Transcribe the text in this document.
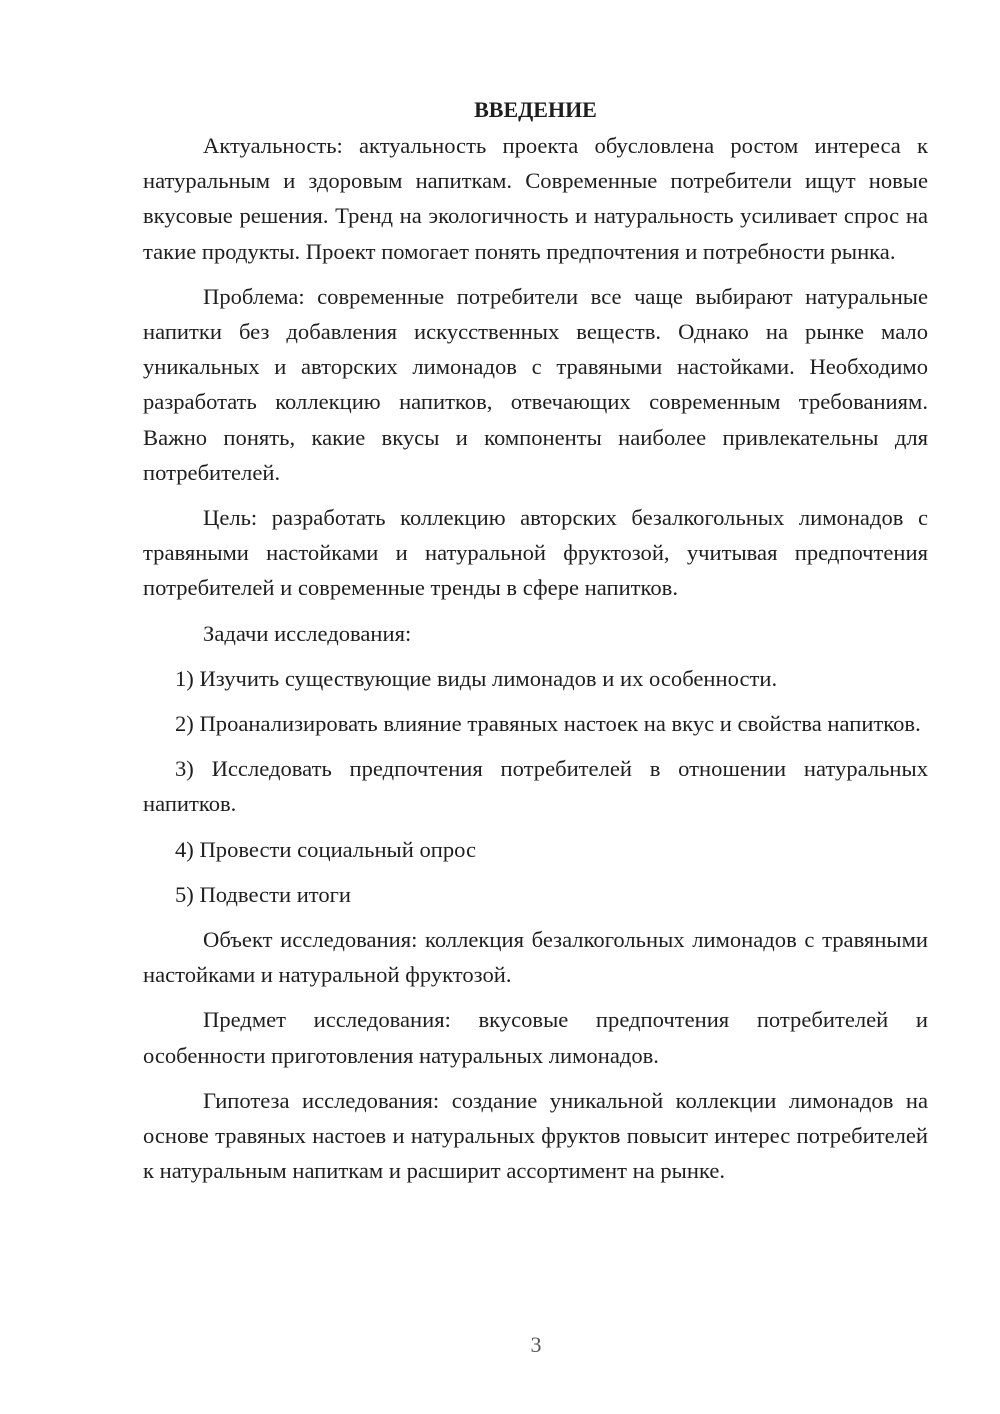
ВВЕДЕНИЕ

Актуальность: актуальность проекта обусловлена ростом интереса к натуральным и здоровым напиткам. Современные потребители ищут новые вкусовые решения. Тренд на экологичность и натуральность усиливает спрос на такие продукты. Проект помогает понять предпочтения и потребности рынка.

Проблема: современные потребители все чаще выбирают натуральные напитки без добавления искусственных веществ. Однако на рынке мало уникальных и авторских лимонадов с травяными настойками. Необходимо разработать коллекцию напитков, отвечающих современным требованиям. Важно понять, какие вкусы и компоненты наиболее привлекательны для потребителей.

Цель: разработать коллекцию авторских безалкогольных лимонадов с травяными настойками и натуральной фруктозой, учитывая предпочтения потребителей и современные тренды в сфере напитков.

Задачи исследования:

1) Изучить существующие виды лимонадов и их особенности.

2) Проанализировать влияние травяных настоек на вкус и свойства напитков.

3) Исследовать предпочтения потребителей в отношении натуральных напитков.

4) Провести социальный опрос

5) Подвести итоги

Объект исследования: коллекция безалкогольных лимонадов с травяными настойками и натуральной фруктозой.

Предмет исследования: вкусовые предпочтения потребителей и особенности приготовления натуральных лимонадов.

Гипотеза исследования: создание уникальной коллекции лимонадов на основе травяных настоев и натуральных фруктов повысит интерес потребителей к натуральным напиткам и расширит ассортимент на рынке.

3
